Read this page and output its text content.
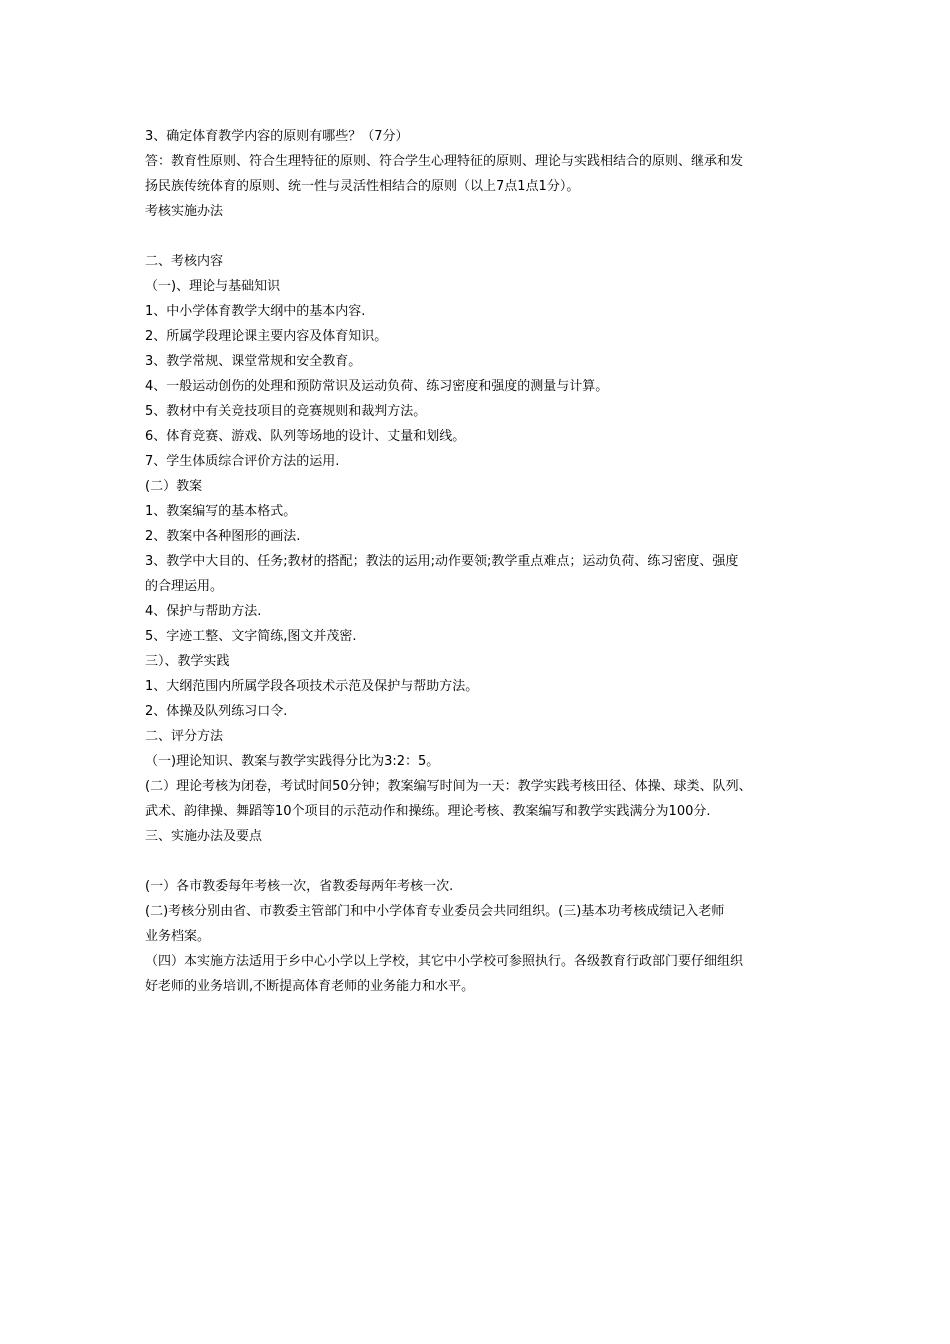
3、确定体育教学内容的原则有哪些？（7分）
答：教育性原则、符合生理特征的原则、符合学生心理特征的原则、理论与实践相结合的原则、继承和发
扬民族传统体育的原则、统一性与灵活性相结合的原则（以上7点1点1分）。
考核实施办法
二、考核内容
（一)、理论与基础知识
1、中小学体育教学大纲中的基本内容.
2、所属学段理论课主要内容及体育知识。
3、教学常规、课堂常规和安全教育。
4、一般运动创伤的处理和预防常识及运动负荷、练习密度和强度的测量与计算。
5、教材中有关竞技项目的竞赛规则和裁判方法。
6、体育竞赛、游戏、队列等场地的设计、丈量和划线。
7、学生体质综合评价方法的运用.
(二）教案
1、教案编写的基本格式。
2、教案中各种图形的画法.
3、教学中大目的、任务;教材的搭配；教法的运用;动作要领;教学重点难点；运动负荷、练习密度、强度
的合理运用。
4、保护与帮助方法.
5、字迹工整、文字简练,图文并茂密.
三）、教学实践
1、大纲范围内所属学段各项技术示范及保护与帮助方法。
2、体操及队列练习口令.
二、评分方法
（一)理论知识、教案与教学实践得分比为3:2：5。
(二）理论考核为闭卷，考试时间50分钟；教案编写时间为一天：教学实践考核田径、体操、球类、队列、
武术、韵律操、舞蹈等10个项目的示范动作和操练。理论考核、教案编写和教学实践满分为100分.
三、实施办法及要点
(一）各市教委每年考核一次，省教委每两年考核一次.
(二)考核分别由省、市教委主管部门和中小学体育专业委员会共同组织。(三)基本功考核成绩记入老师
业务档案。
（四）本实施方法适用于乡中心小学以上学校，其它中小学校可参照执行。各级教育行政部门要仔细组织
好老师的业务培训,不断提高体育老师的业务能力和水平。
